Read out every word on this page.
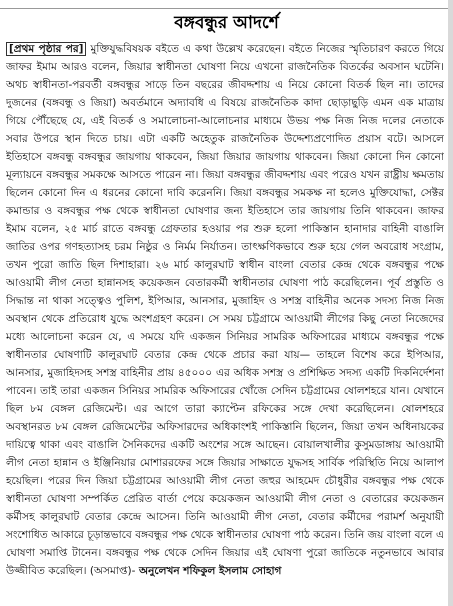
বঙ্গবন্ধুর আদর্শে

[প্রথম পৃষ্ঠার পর] মুক্তিযুদ্ধবিষয়ক বইতে এ কথা উল্লেখ করেছেন। বইতে নিজের স্মৃতিচারণ করতে গিয়ে জাফর ইমাম আরও বলেন, জিয়ার স্বাধীনতা ঘোষণা নিয়ে এখনো রাজনৈতিক বিতর্কের অবসান ঘটেনি। অথচ স্বাধীনতা-পরবর্তী বঙ্গবন্ধুর সাড়ে তিন বছরের জীবদ্দশায় এ নিয়ে কোনো বিতর্ক ছিল না। তাদের দুজনের (বঙ্গবন্ধু ও জিয়া) অবর্তমানে অদ্যাবধি এ বিষয়ে রাজনৈতিক কাদা ছোড়াছুড়ি এমন এক মাত্রায় গিয়ে পৌঁছেছে যে, এই বিতর্ক ও সমালোচনা-আলোচনার মাধ্যমে উভয় পক্ষ নিজ নিজ দলের নেতাকে সবার উপরে স্থান দিতে চায়। এটা একটি অহেতুক রাজনৈতিক উদ্দেশ্যপ্রণোদিত প্রয়াস বটে। আসলে ইতিহাসে বঙ্গবন্ধু বঙ্গবন্ধুর জায়গায় থাকবেন, জিয়া জিয়ার জায়গায় থাকবেন। জিয়া কোনো দিন কোনো মূল্যায়নে বঙ্গবন্ধুর সমকক্ষে আসতে পারেন না। জিয়া বঙ্গবন্ধুর জীবদ্দশায় এবং পরেও যখন রাষ্ট্রীয় ক্ষমতায় ছিলেন কোনো দিন এ ধরনের কোনো দাবি করেননি। জিয়া বঙ্গবন্ধুর সমকক্ষ না হলেও মুক্তিযোদ্ধা, সেক্টর কমান্ডার ও বঙ্গবন্ধুর পক্ষ থেকে স্বাধীনতা ঘোষণার জন্য ইতিহাসে তার জায়গায় তিনি থাকবেন। জাফর ইমাম বলেন, ২৫ মার্চ রাতে বঙ্গবন্ধু গ্রেফতার হওয়ার পর শুরু হলো পাকিস্তান হানাদার বাহিনী বাঙালি জাতির ওপর গণহত্যাসহ চরম নিষ্ঠুর ও নির্মম নির্যাতন। তাৎক্ষণিকভাবে শুরু হয়ে গেল অবরোধ সংগ্রাম, তখন পুরো জাতি ছিল দিশাহারা। ২৬ মার্চ কালুরঘাট স্বাধীন বাংলা বেতার কেন্দ্র থেকে বঙ্গবন্ধুর পক্ষে আওয়ামী লীগ নেতা হান্নানসহ কয়েকজন বেতারকর্মী স্বাধীনতার ঘোষণা পাঠ করেছিলেন। পূর্ব প্রস্তুতি ও সিদ্ধান্ত না থাকা সত্ত্বেও পুলিশ, ইপিআর, আনসার, মুজাহিদ ও সশস্ত্র বাহিনীর অনেক সদস্য নিজ নিজ অবস্থান থেকে প্রতিরোধ যুদ্ধে অংশগ্রহণ করেন। সে সময় চট্টগ্রামে আওয়ামী লীগের কিছু নেতা নিজেদের মধ্যে আলোচনা করেন যে, এ সময়ে যদি একজন সিনিয়র সামরিক অফিসারের মাধ্যমে বঙ্গবন্ধুর পক্ষে স্বাধীনতার ঘোষণাটি কালুরঘাট বেতার কেন্দ্র থেকে প্রচার করা যায়— তাহলে বিশেষ করে ইপিআর, আনসার, মুজাহিদসহ সশস্ত্র বাহিনীর প্রায় ৪৫০০০ এর অধিক সশস্ত্র ও প্রশিক্ষিত সদস্য একটি দিকনির্দেশনা পাবেন। তাই তারা একজন সিনিয়র সামরিক অফিসারের খোঁজে সেদিন চট্টগ্রামের ষোলশহরে যান। যেখানে ছিল ৮ম বেঙ্গল রেজিমেন্ট। এর আগে তারা ক্যাপ্টেন রফিকের সঙ্গে দেখা করেছিলেন। ষোলশহরে অবস্থানরত ৮ম বেঙ্গল রেজিমেন্টের অফিসারদের অধিকাংশই পাকিস্তানি ছিলেন, জিয়া তখন অধিনায়কের দায়িত্বে থাকা এবং বাঙালি সৈনিকদের একটি অংশের সঙ্গে আছেন। বোয়ালখালীর কুসুমডাঙ্গায় আওয়ামী লীগ নেতা হান্নান ও ইঞ্জিনিয়ার মোশাররফের সঙ্গে জিয়ার সাক্ষাতে যুদ্ধসহ সার্বিক পরিস্থিতি নিয়ে আলাপ হয়েছিল। পরের দিন জিয়া চট্টগ্রামের আওয়ামী লীগ নেতা জহুর আহমেদ চৌধুরীর বঙ্গবন্ধুর পক্ষ থেকে স্বাধীনতা ঘোষণা সম্পর্কিত প্রেরিত বার্তা পেয়ে কয়েকজন আওয়ামী লীগ নেতা ও বেতারের কয়েকজন কর্মীসহ কালুরঘাট বেতার কেন্দ্রে আসেন। তিনি আওয়ামী লীগ নেতা, বেতার কর্মীদের পরামর্শ অনুযায়ী সংশোধিত আকারে চূড়ান্তভাবে বঙ্গবন্ধুর পক্ষ থেকে স্বাধীনতার ঘোষণা পাঠ করেন। তিনি জয় বাংলা বলে এ ঘোষণা সমাপ্তি টানেন। বঙ্গবন্ধুর পক্ষ থেকে সেদিন জিয়ার এই ঘোষণা পুরো জাতিকে নতুনভাবে আবার উজ্জীবিত করেছিল। (অসমাপ্ত)- অনুলেখন শফিকুল ইসলাম সোহাগ
